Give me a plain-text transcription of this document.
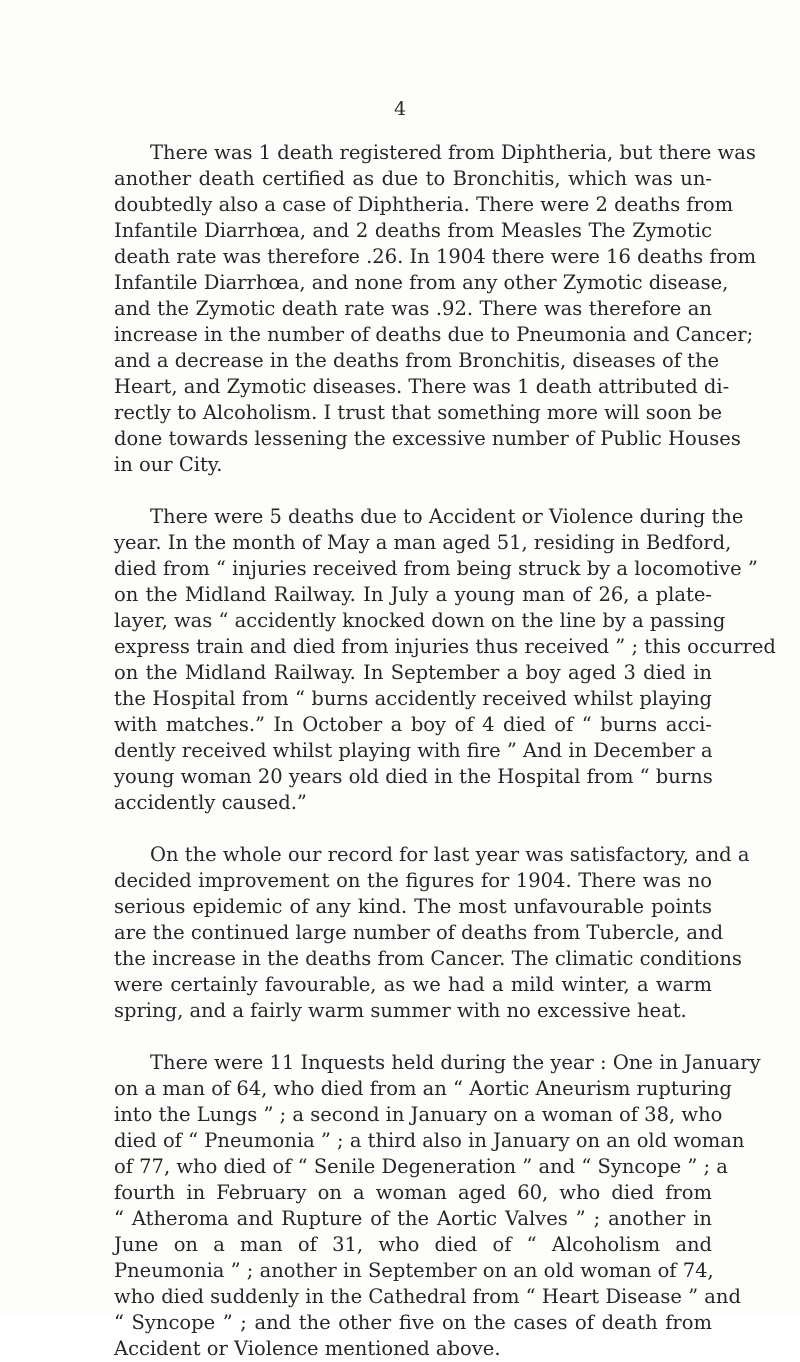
4
There was 1 death registered from Diphtheria, but there was
another death certified as due to Bronchitis, which was un-
doubtedly also a case of Diphtheria. There were 2 deaths from
Infantile Diarrhœa, and 2 deaths from Measles The Zymotic
death rate was therefore .26. In 1904 there were 16 deaths from
Infantile Diarrhœa, and none from any other Zymotic disease,
and the Zymotic death rate was .92. There was therefore an
increase in the number of deaths due to Pneumonia and Cancer;
and a decrease in the deaths from Bronchitis, diseases of the
Heart, and Zymotic diseases. There was 1 death attributed di-
rectly to Alcoholism. I trust that something more will soon be
done towards lessening the excessive number of Public Houses
in our City.
There were 5 deaths due to Accident or Violence during the
year. In the month of May a man aged 51, residing in Bedford,
died from “ injuries received from being struck by a locomotive ”
on the Midland Railway. In July a young man of 26, a plate-
layer, was “ accidently knocked down on the line by a passing
express train and died from injuries thus received ” ; this occurred
on the Midland Railway. In September a boy aged 3 died in
the Hospital from “ burns accidently received whilst playing
with matches.” In October a boy of 4 died of “ burns acci-
dently received whilst playing with fire ” And in December a
young woman 20 years old died in the Hospital from “ burns
accidently caused.”
On the whole our record for last year was satisfactory, and a
decided improvement on the figures for 1904. There was no
serious epidemic of any kind. The most unfavourable points
are the continued large number of deaths from Tubercle, and
the increase in the deaths from Cancer. The climatic conditions
were certainly favourable, as we had a mild winter, a warm
spring, and a fairly warm summer with no excessive heat.
There were 11 Inquests held during the year : One in January
on a man of 64, who died from an “ Aortic Aneurism rupturing
into the Lungs ” ; a second in January on a woman of 38, who
died of “ Pneumonia ” ; a third also in January on an old woman
of 77, who died of “ Senile Degeneration ” and “ Syncope ” ; a
fourth in February on a woman aged 60, who died from
“ Atheroma and Rupture of the Aortic Valves ” ; another in
June on a man of 31, who died of “ Alcoholism and
Pneumonia ” ; another in September on an old woman of 74,
who died suddenly in the Cathedral from “ Heart Disease ” and
“ Syncope ” ; and the other five on the cases of death from
Accident or Violence mentioned above.
